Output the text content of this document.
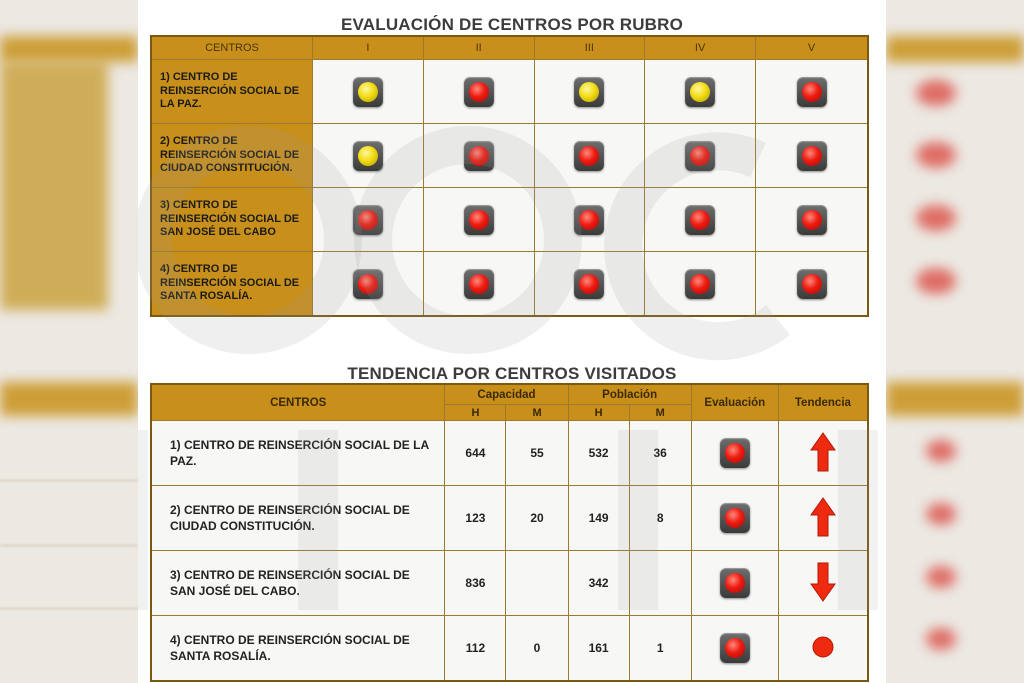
EVALUACIÓN DE CENTROS POR RUBRO
CENTROS	I	II	III	IV	V
1) CENTRO DE REINSERCIÓN SOCIAL DE LA PAZ.					
2) CENTRO DE REINSERCIÓN SOCIAL DE CIUDAD CONSTITUCIÓN.					
3) CENTRO DE REINSERCIÓN SOCIAL DE SAN JOSÉ DEL CABO					
4) CENTRO DE REINSERCIÓN SOCIAL DE SANTA ROSALÍA.					
TENDENCIA POR CENTROS VISITADOS
CENTROS	Capacidad		Población		Evaluación	Tendencia
	H	M	H	M		
1) CENTRO DE REINSERCIÓN SOCIAL DE LA PAZ.	644	55	532	36		
2) CENTRO DE REINSERCIÓN SOCIAL DE CIUDAD CONSTITUCIÓN.	123	20	149	8		
3) CENTRO DE REINSERCIÓN SOCIAL DE SAN JOSÉ DEL CABO.	836		342			
4) CENTRO DE REINSERCIÓN SOCIAL DE SANTA ROSALÍA.	112	0	161	1		
